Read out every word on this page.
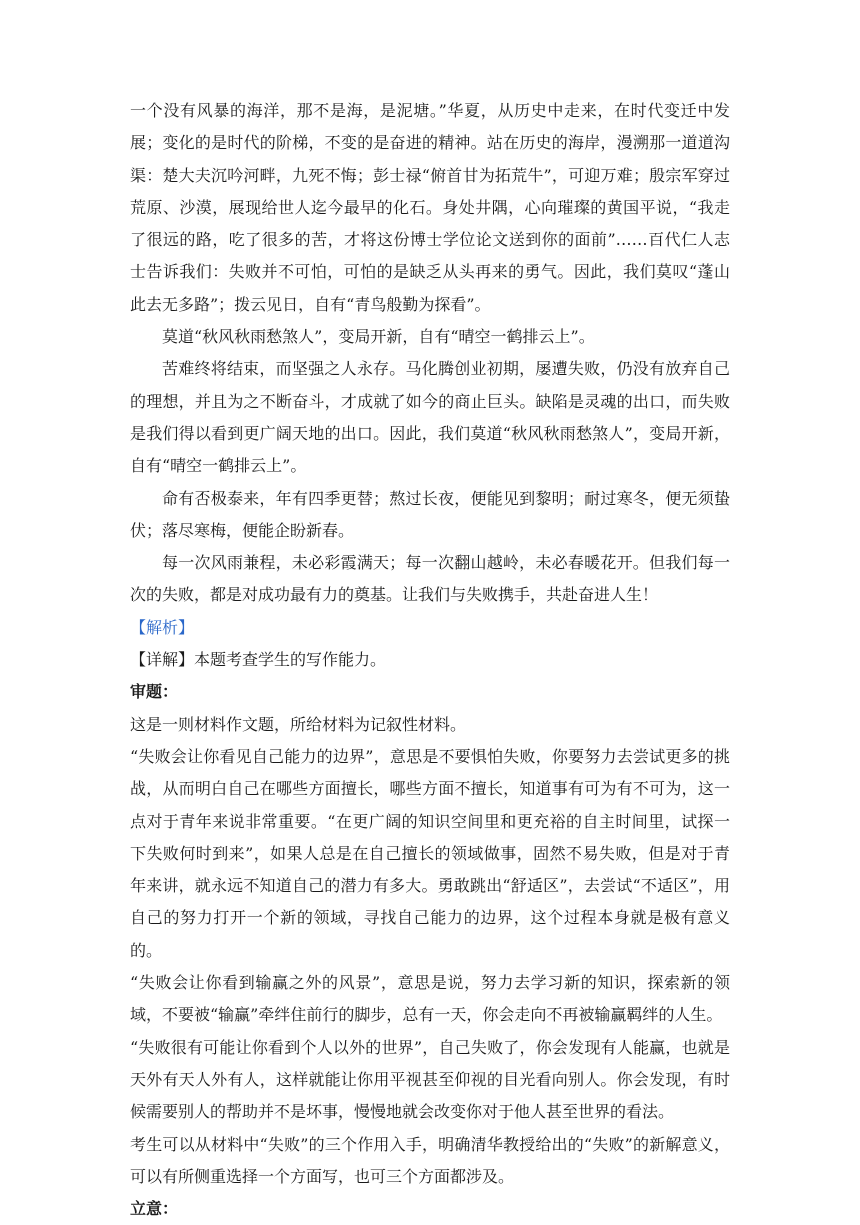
一个没有风暴的海洋，那不是海，是泥塘。”华夏，从历史中走来，在时代变迁中发展；变化的是时代的阶梯，不变的是奋进的精神。站在历史的海岸，漫溯那一道道沟渠：楚大夫沉吟河畔，九死不悔；彭士禄“俯首甘为拓荒牛”，可迎万难；殷宗军穿过荒原、沙漠，展现给世人迄今最早的化石。身处井隅，心向璀璨的黄国平说，“我走了很远的路，吃了很多的苦，才将这份博士学位论文送到你的面前”……百代仁人志士告诉我们：失败并不可怕，可怕的是缺乏从头再来的勇气。因此，我们莫叹“蓬山此去无多路”；拨云见日，自有“青鸟般勤为探看”。

莫道“秋风秋雨愁煞人”，变局开新，自有“晴空一鹤排云上”。

苦难终将结束，而坚强之人永存。马化腾创业初期，屡遭失败，仍没有放弃自己的理想，并且为之不断奋斗，才成就了如今的商止巨头。缺陷是灵魂的出口，而失败是我们得以看到更广阔天地的出口。因此，我们莫道“秋风秋雨愁煞人”，变局开新，自有“晴空一鹤排云上”。

命有否极泰来，年有四季更替；熬过长夜，便能见到黎明；耐过寒冬，便无须蛰伏；落尽寒梅，便能企盼新春。

每一次风雨兼程，未必彩霞满天；每一次翻山越岭，未必春暖花开。但我们每一次的失败，都是对成功最有力的奠基。让我们与失败携手，共赴奋进人生！

【解析】

【详解】本题考查学生的写作能力。

审题：

这是一则材料作文题，所给材料为记叙性材料。

“失败会让你看见自己能力的边界”，意思是不要惧怕失败，你要努力去尝试更多的挑战，从而明白自己在哪些方面擅长，哪些方面不擅长，知道事有可为有不可为，这一点对于青年来说非常重要。“在更广阔的知识空间里和更充裕的自主时间里，试探一下失败何时到来”，如果人总是在自己擅长的领域做事，固然不易失败，但是对于青年来讲，就永远不知道自己的潜力有多大。勇敢跳出“舒适区”，去尝试“不适区”，用自己的努力打开一个新的领域，寻找自己能力的边界，这个过程本身就是极有意义的。

“失败会让你看到输赢之外的风景”，意思是说，努力去学习新的知识，探索新的领域，不要被“输赢”牵绊住前行的脚步，总有一天，你会走向不再被输赢羁绊的人生。

“失败很有可能让你看到个人以外的世界”，自己失败了，你会发现有人能赢，也就是天外有天人外有人，这样就能让你用平视甚至仰视的目光看向别人。你会发现，有时候需要别人的帮助并不是坏事，慢慢地就会改变你对于他人甚至世界的看法。

考生可以从材料中“失败”的三个作用入手，明确清华教授给出的“失败”的新解意义，可以有所侧重选择一个方面写，也可三个方面都涉及。

立意：
